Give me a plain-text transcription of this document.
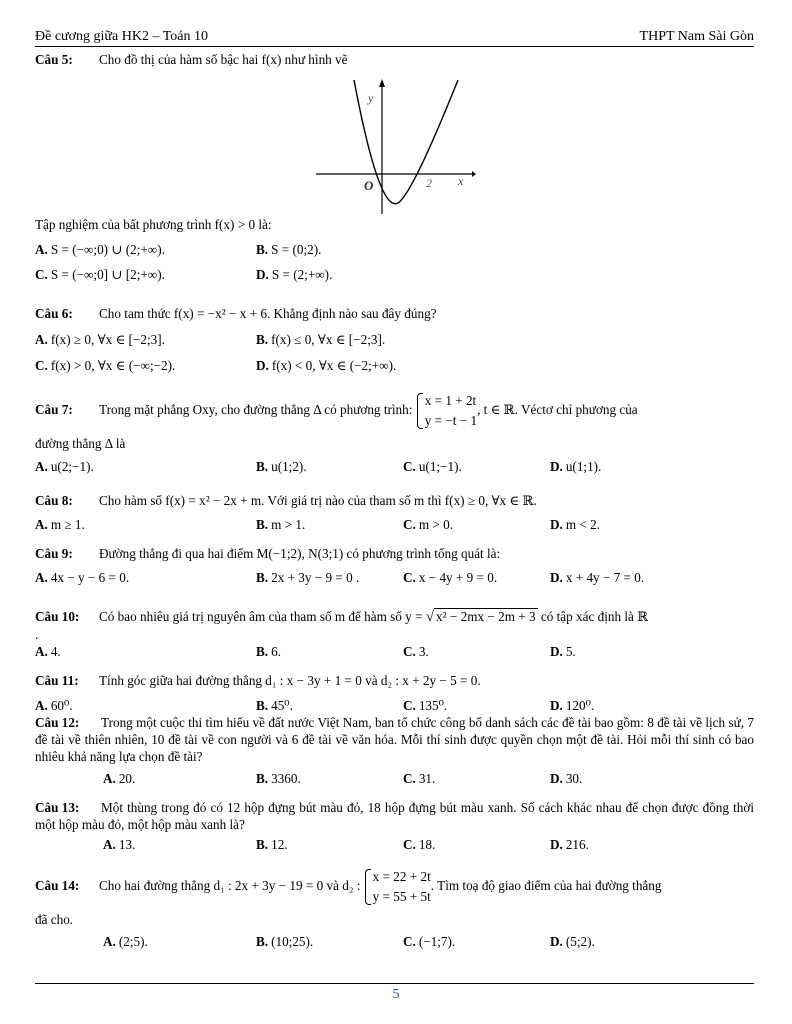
Đề cương giữa HK2 – Toán 10	THPT Nam Sài Gòn
Câu 5: Cho đồ thị của hàm số bậc hai f(x) như hình vẽ
y
x
O	2
Tập nghiệm của bất phương trình f(x) > 0 là:
A. S = (−∞;0) ∪ (2;+∞).	B. S = (0;2).
C. S = (−∞;0] ∪ [2;+∞).	D. S = (2;+∞).
Câu 6: Cho tam thức f(x) = −x² − x + 6. Khẳng định nào sau đây đúng?
A. f(x) ≥ 0, ∀x ∈ [−2;3].	B. f(x) ≤ 0, ∀x ∈ [−2;3].
C. f(x) > 0, ∀x ∈ (−∞;−2).	D. f(x) < 0, ∀x ∈ (−2;+∞).
Câu 7: Trong mặt phẳng Oxy, cho đường thẳng Δ có phương trình:
x = 1 + 2t
y = −t − 1
, t ∈ ℝ. Véctơ chỉ phương của
đường thẳng Δ là
A. u(2;−1).	B. u(1;2).	C. u(1;−1).	D. u(1;1).
Câu 8: Cho hàm số f(x) = x² − 2x + m. Với giá trị nào của tham số m thì f(x) ≥ 0, ∀x ∈ ℝ.
A. m ≥ 1.	B. m > 1.	C. m > 0.	D. m < 2.
Câu 9: Đường thẳng đi qua hai điểm M(−1;2), N(3;1) có phương trình tổng quát là:
A. 4x − y − 6 = 0.	B. 2x + 3y − 9 = 0 .	C. x − 4y + 9 = 0.	D. x + 4y − 7 = 0.
Câu 10: Có bao nhiêu giá trị nguyên âm của tham số m để hàm số y = √ x² − 2mx − 2m + 3 có tập xác định là ℝ
.
A. 4.	B. 6.	C. 3.	D. 5.
Câu 11: Tính góc giữa hai đường thẳng d₁ : x − 3y + 1 = 0 và d₂ : x + 2y − 5 = 0.
A. 60⁰.	B. 45⁰.	C. 135⁰.	D. 120⁰.
Câu 12: Trong một cuộc thi tìm hiểu về đất nước Việt Nam, ban tổ chức công bố danh sách các đề tài bao gồm: 8 đề tài về lịch sử, 7 đề tài về thiên nhiên, 10 đề tài về con người và 6 đề tài về văn hóa. Mỗi thí sinh được quyền chọn một đề tài. Hỏi mỗi thí sinh có bao nhiêu khả năng lựa chọn đề tài?
A. 20.	B. 3360.	C. 31.	D. 30.
Câu 13: Một thùng trong đó có 12 hộp đựng bút màu đỏ, 18 hộp đựng bút màu xanh. Số cách khác nhau để chọn được đồng thời một hộp màu đỏ, một hộp màu xanh là?
A. 13.	B. 12.	C. 18.	D. 216.
Câu 14: Cho hai đường thẳng d₁ : 2x + 3y − 19 = 0 và d₂ :
x = 22 + 2t
y = 55 + 5t
. Tìm toạ độ giao điểm của hai đường thẳng
đã cho.
A. (2;5).	B. (10;25).	C. (−1;7).	D. (5;2).
5
